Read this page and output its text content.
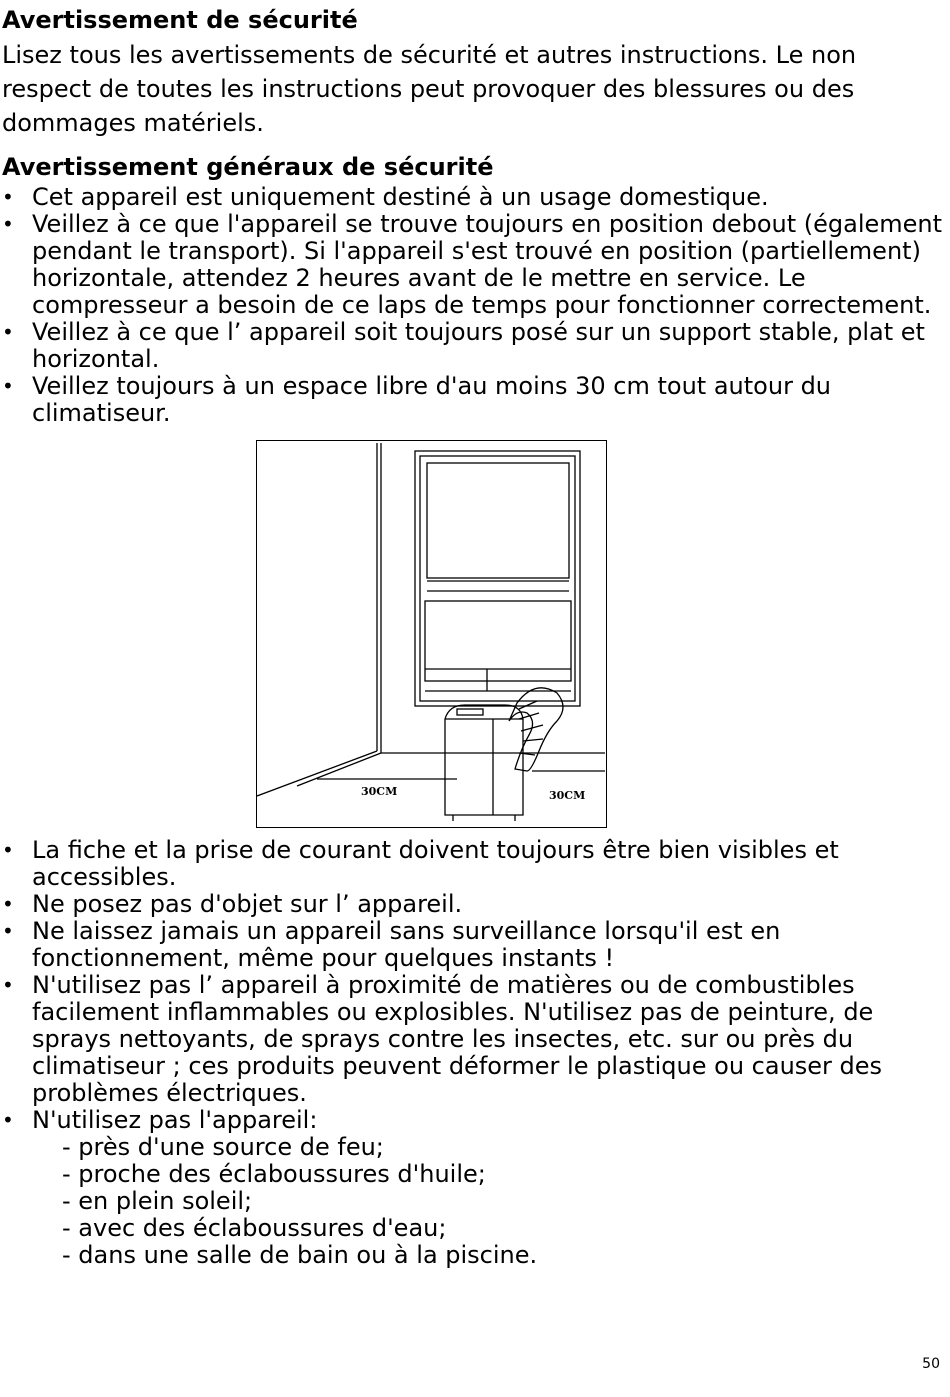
Avertissement de sécurité

Lisez tous les avertissements de sécurité et autres instructions. Le non respect de toutes les instructions peut provoquer des blessures ou des dommages matériels.

Avertissement généraux de sécurité
• Cet appareil est uniquement destiné à un usage domestique.
• Veillez à ce que l'appareil se trouve toujours en position debout (également pendant le transport). Si l'appareil s'est trouvé en position (partiellement) horizontale, attendez 2 heures avant de le mettre en service. Le compresseur a besoin de ce laps de temps pour fonctionner correctement.
• Veillez à ce que l’ appareil soit toujours posé sur un support stable, plat et horizontal.
• Veillez toujours à un espace libre d'au moins 30 cm tout autour du climatiseur.
30CM	30CM
• La fiche et la prise de courant doivent toujours être bien visibles et accessibles.
• Ne posez pas d'objet sur l’ appareil.
• Ne laissez jamais un appareil sans surveillance lorsqu'il est en fonctionnement, même pour quelques instants !
• N'utilisez pas l’ appareil à proximité de matières ou de combustibles facilement inflammables ou explosibles. N'utilisez pas de peinture, de sprays nettoyants, de sprays contre les insectes, etc. sur ou près du climatiseur ; ces produits peuvent déformer le plastique ou causer des problèmes électriques.
• N'utilisez pas l'appareil:
- près d'une source de feu;
- proche des éclaboussures d'huile;
- en plein soleil;
- avec des éclaboussures d'eau;
- dans une salle de bain ou à la piscine.
50
